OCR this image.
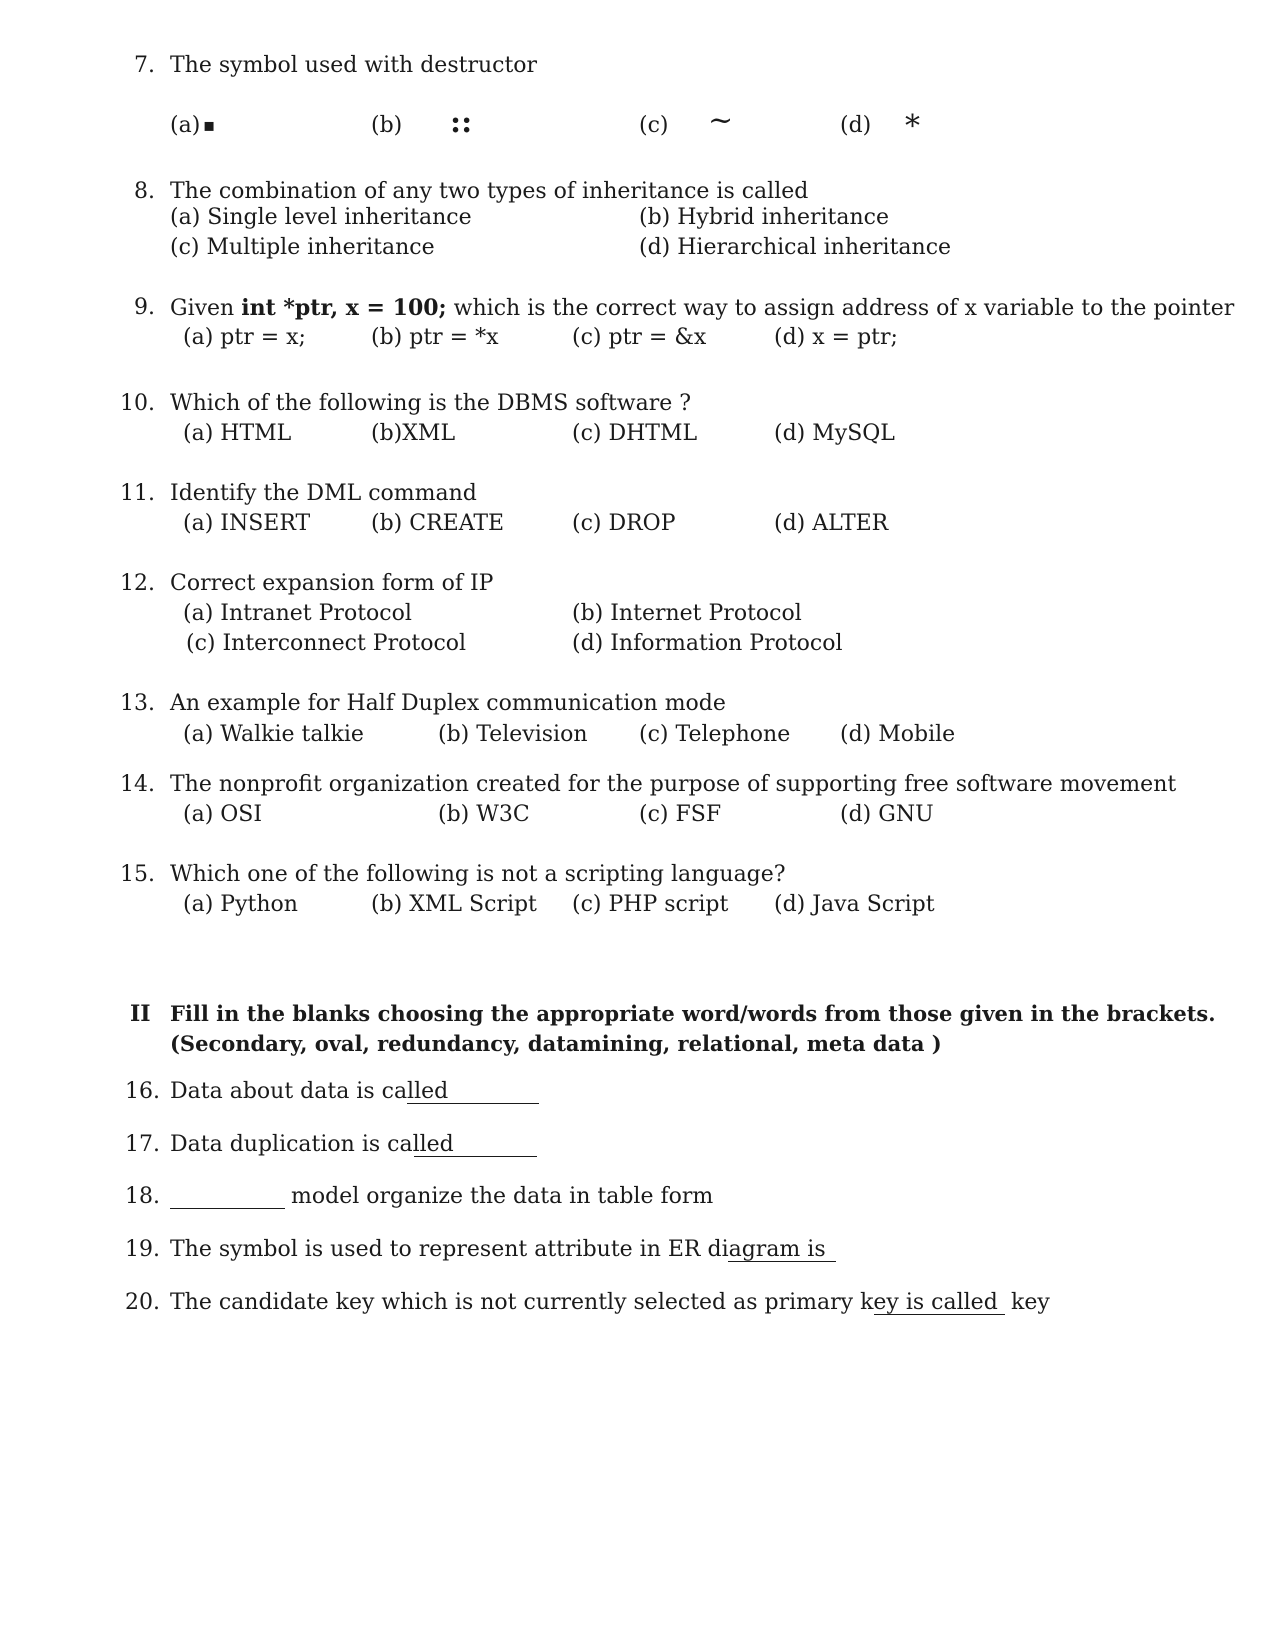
7. The symbol used with destructor
(a) ▪	(b) ::	(c) ~	(d) *
8. The combination of any two types of inheritance is called
(a) Single level inheritance	(b) Hybrid inheritance
(c) Multiple inheritance	(d) Hierarchical inheritance
9. Given int *ptr, x = 100; which is the correct way to assign address of x variable to the pointer
(a) ptr = x;	(b) ptr = *x	(c) ptr = &x	(d) x = ptr;
10. Which of the following is the DBMS software ?
(a) HTML	(b)XML	(c) DHTML	(d) MySQL
11. Identify the DML command
(a) INSERT	(b) CREATE	(c) DROP	(d) ALTER
12. Correct expansion form of IP
(a) Intranet Protocol	(b) Internet Protocol
(c) Interconnect Protocol	(d) Information Protocol
13. An example for Half Duplex communication mode
(a) Walkie talkie	(b) Television (c) Telephone (d) Mobile
14. The nonprofit organization created for the purpose of supporting free software movement
(a) OSI	(b) W3C	(c) FSF	(d) GNU
15. Which one of the following is not a scripting language?
(a) Python	(b) XML Script (c) PHP script (d) Java Script
II Fill in the blanks choosing the appropriate word/words from those given in the brackets.
(Secondary, oval, redundancy, datamining, relational, meta data )
16. Data about data is called
17. Data duplication is called
18.	model organize the data in table form
19. The symbol is used to represent attribute in ER diagram is
20. The candidate key which is not currently selected as primary key is called key
